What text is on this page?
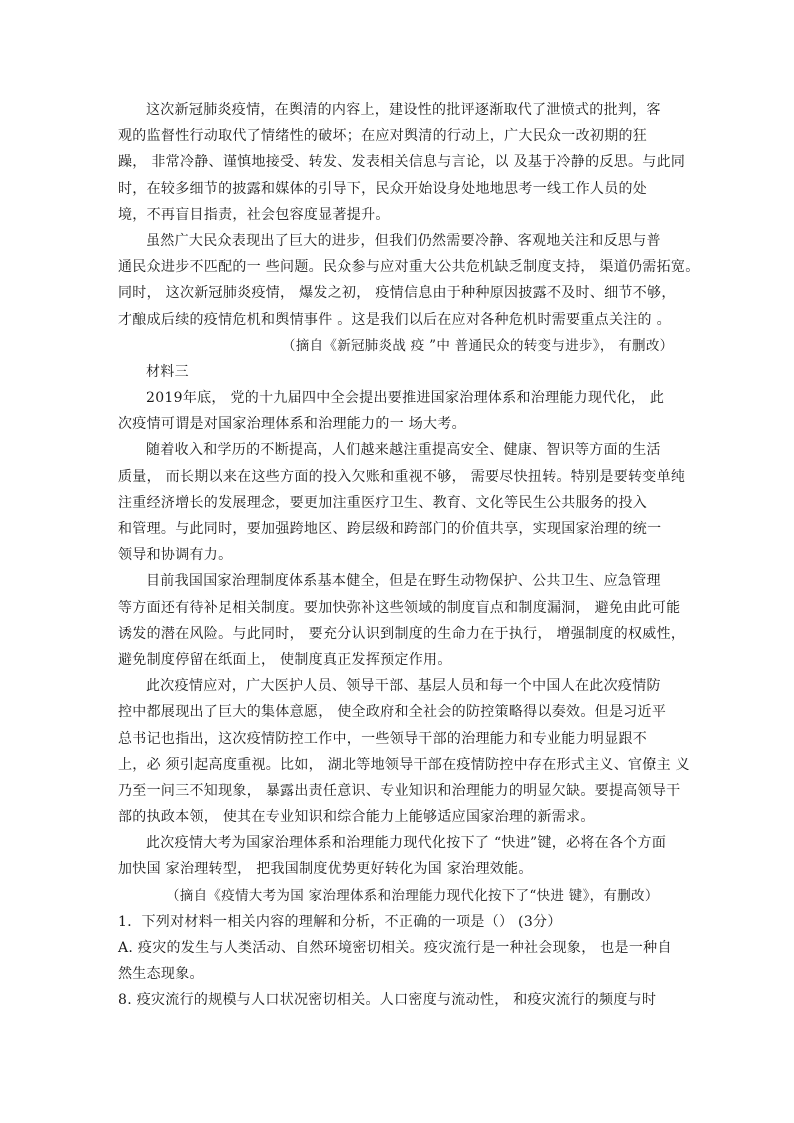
这次新冠肺炎疫情，在舆清的内容上，建设性的批评逐渐取代了泄愤式的批判，客
观的监督性行动取代了情绪性的破坏；在应对舆清的行动上，广大民众一改初期的狂
躁， 非常冷静、谨慎地接受、转发、发表相关信息与言论，以 及基于冷静的反思。与此同
时，在较多细节的披露和媒体的引导下，民众开始设身处地地思考一线工作人员的处
境，不再盲目指责，社会包容度显著提升。
虽然广大民众表现出了巨大的进步，但我们仍然需要冷静、客观地关注和反思与普
通民众进步不匹配的一 些问题。民众参与应对重大公共危机缺乏制度支持， 渠道仍需拓宽。
同时， 这次新冠肺炎疫情， 爆发之初， 疫情信息由于种种原因披露不及时、细节不够，
才酿成后续的疫情危机和舆情事件 。这是我们以后在应对各种危机时需要重点关注的 。
（摘自《新冠肺炎战 疫 ”中 普通民众的转变与进步》， 有删改）
材料三
2019年底， 党的十九届四中全会提出要推进国家治理体系和治理能力现代化， 此
次疫情可谓是对国家治理体系和治理能力的一 场大考。
随着收入和学历的不断提高，人们越来越注重提高安全、健康、智识等方面的生活
质量， 而长期以来在这些方面的投入欠账和重视不够， 需要尽快扭转。特别是要转变单纯
注重经济增长的发展理念，要更加注重医疗卫生、教育、文化等民生公共服务的投入
和管理。与此同时，要加强跨地区、跨层级和跨部门的价值共享，实现国家治理的统一
领导和协调有力。
目前我国国家治理制度体系基本健全，但是在野生动物保护、公共卫生、应急管理
等方面还有待补足相关制度。要加快弥补这些领域的制度盲点和制度漏洞， 避免由此可能
诱发的潜在风险。与此同时， 要充分认识到制度的生命力在于执行， 增强制度的权威性，
避免制度停留在纸面上， 使制度真正发挥预定作用。
此次疫情应对，广大医护人员、领导干部、基层人员和每一个中国人在此次疫情防
控中都展现出了巨大的集体意愿， 使全政府和全社会的防控策略得以奏效。但是习近平
总书记也指出，这次疫情防控工作中，一些领导干部的治理能力和专业能力明显跟不
上，必 须引起高度重视。比如， 湖北等地领导干部在疫情防控中存在形式主义、官僚主 义
乃至一问三不知现象， 暴露出责任意识、专业知识和治理能力的明显欠缺。要提高领导干
部的执政本领， 使其在专业知识和综合能力上能够适应国家治理的新需求。
此次疫情大考为国家治理体系和治理能力现代化按下了 “快进”键，必将在各个方面
加快国 家治理转型， 把我国制度优势更好转化为国 家治理效能。
（摘自《疫情大考为国 家治理体系和治理能力现代化按下了“快进 键》，有删改）
1．下列对材料一相关内容的理解和分析，不正确的一项是（） (3分）
A. 疫灾的发生与人类活动、自然环境密切相关。疫灾流行是一种社会现象， 也是一种自
然生态现象。
8. 疫灾流行的规模与人口状况密切相关。人口密度与流动性， 和疫灾流行的频度与时
